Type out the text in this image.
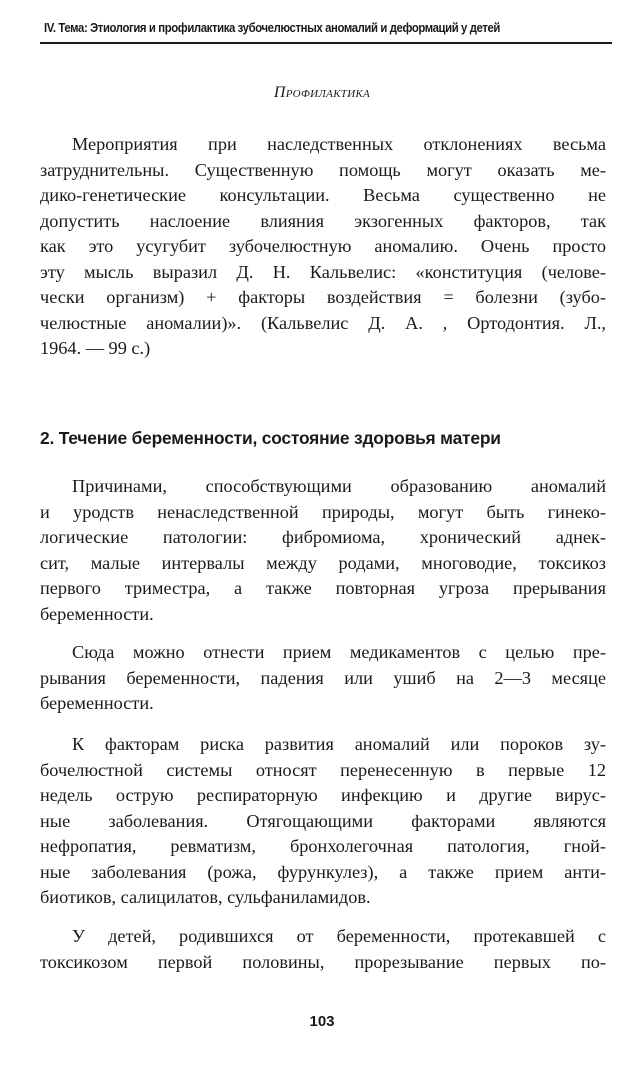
IV. Тема: Этиология и профилактика зубочелюстных аномалий и деформаций у детей
Профилактика
Мероприятия при наследственных отклонениях весьма
затруднительны. Существенную помощь могут оказать ме-
дико-генетические консультации. Весьма существенно не
допустить наслоение влияния экзогенных факторов, так
как это усугубит зубочелюстную аномалию. Очень просто
эту мысль выразил Д. Н. Кальвелис: «конституция (челове-
чески организм) + факторы воздействия = болезни (зубо-
челюстные аномалии)». (Кальвелис Д. А. , Ортодонтия. Л.,
1964. — 99 с.)
2. Течение беременности, состояние здоровья матери
Причинами, способствующими образованию аномалий
и уродств ненаследственной природы, могут быть гинеко-
логические патологии: фибромиома, хронический аднек-
сит, малые интервалы между родами, многоводие, токсикоз
первого триместра, а также повторная угроза прерывания
беременности.
Сюда можно отнести прием медикаментов с целью пре-
рывания беременности, падения или ушиб на 2—3 месяце
беременности.
К факторам риска развития аномалий или пороков зу-
бочелюстной системы относят перенесенную в первые 12
недель острую респираторную инфекцию и другие вирус-
ные заболевания. Отягощающими факторами являются
нефропатия, ревматизм, бронхолегочная патология, гной-
ные заболевания (рожа, фурункулез), а также прием анти-
биотиков, салицилатов, сульфаниламидов.
У детей, родившихся от беременности, протекавшей с
токсикозом первой половины, прорезывание первых по-
103
